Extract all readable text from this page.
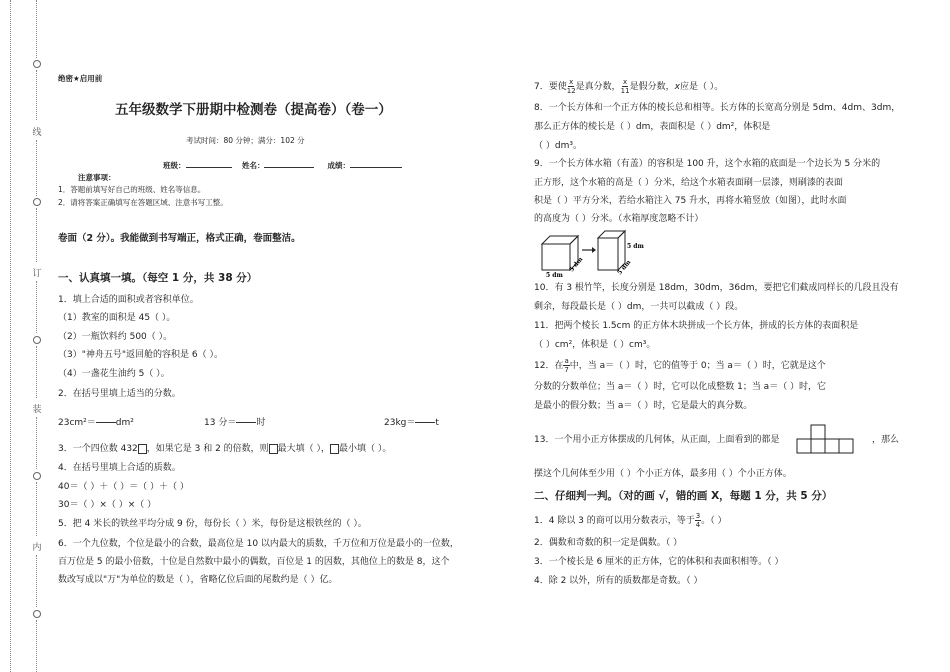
线
订
装
内
绝密★启用前
五年级数学下册期中检测卷（提高卷）（卷一）
考试时间：80 分钟；满分：102 分
班级：	姓名：	成绩：
注意事项：
1．答题前填写好自己的班级、姓名等信息。
2．请将答案正确填写在答题区域、注意书写工整。
卷面（2 分）。我能做到书写端正，格式正确，卷面整洁。
一、认真填一填。（每空 1 分，共 38 分）
1．填上合适的面积或者容积单位。
（1）教室的面积是 45（ ）。
（2）一瓶饮料约 500（ ）。
（3）"神舟五号"返回舱的容积是 6（ ）。
（4）一盏花生油约 5（ ）。
2．在括号里填上适当的分数。
23cm²＝ dm²	13 分＝ 时	23kg＝ t
3．一个四位数 432 ，如果它是 3 和 2 的倍数，则 最大填（ ）， 最小填（ ）。
4．在括号里填上合适的质数。
40＝（ ）＋（ ）＝（ ）＋（ ）
30＝（ ）×（ ）×（ ）
5．把 4 米长的铁丝平均分成 9 份，每份长（ ）米，每份是这根铁丝的（ ）。
6．一个九位数，个位是最小的合数，最高位是 10 以内最大的质数，千万位和万位是最小的一位数，
百万位是 5 的最小倍数，十位是自然数中最小的偶数，百位是 1 的因数，其他位上的数是 8，这个
数改写成以"万"为单位的数是（ ），省略亿位后面的尾数约是（ ）亿。
7．要使 $\frac{x}{12}$ 是真分数， $\frac{x}{11}$ 是假分数，x应是（ ）。
8．一个长方体和一个正方体的棱长总和相等。长方体的长宽高分别是 5dm、4dm、3dm，
那么正方体的棱长是（ ）dm，表面积是（ ）dm²，体积是
（ ）dm³。
9．一个长方体水箱（有盖）的容积是 100 升，这个水箱的底面是一个边长为 5 分米的
正方形，这个水箱的高是（ ）分米，给这个水箱表面刷一层漆，则刷漆的表面
积是（ ）平方分米，若给水箱注入 75 升水，再将水箱竖放（如图），此时水面
的高度为（ ）分米。（水箱厚度忽略不计）
5 dm
5 dm
5 dm
5 dm
10．有 3 根竹竿，长度分别是 18dm，30dm，36dm，要把它们截成同样长的几段且没有
剩余，每段最长是（ ）dm，一共可以截成（ ）段。
11．把两个棱长 1.5cm 的正方体木块拼成一个长方体，拼成的长方体的表面积是
（ ）cm²，体积是（ ）cm³。
12．在 $\frac{a}{7}$ 中，当 a＝（ ）时，它的值等于 0；当 a＝（ ）时，它就是这个
分数的分数单位；当 a＝（ ）时，它可以化成整数 1；当 a＝（ ）时，它
是最小的假分数；当 a＝（ ）时，它是最大的真分数。
13．一个用小正方体摆成的几何体，从正面，上面看到的都是	，那么
摆这个几何体至少用（ ）个小正方体，最多用（ ）个小正方体。
二、仔细判一判。（对的画 √，错的画 X，每题 1 分，共 5 分）
1．4 除以 3 的商可以用分数表示，等于 $\frac{3}{4}$ 。（ ）
2．偶数和奇数的积一定是偶数。（ ）
3．一个棱长是 6 厘米的正方体，它的体积和表面积相等。（ ）
4．除 2 以外，所有的质数都是奇数。（ ）
